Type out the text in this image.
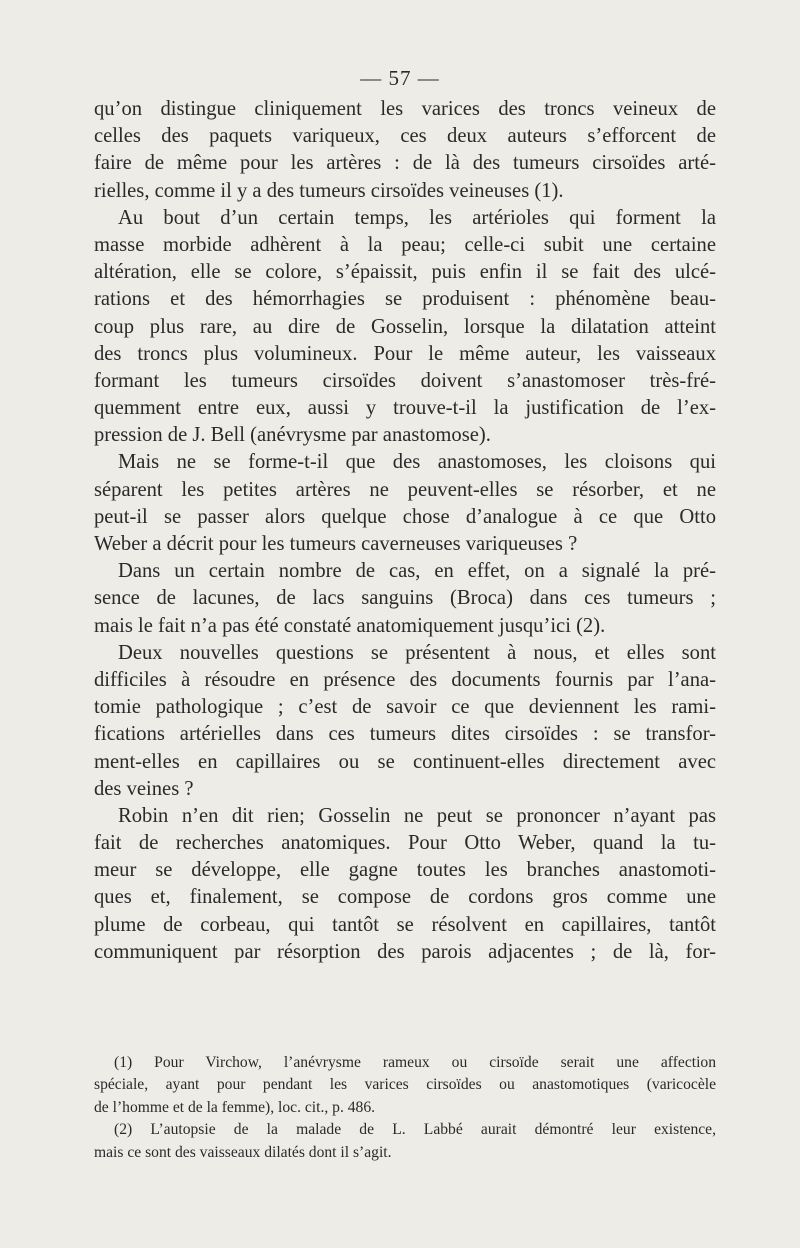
— 57 —
qu’on distingue cliniquement les varices des troncs veineux de
celles des paquets variqueux, ces deux auteurs s’efforcent de
faire de même pour les artères : de là des tumeurs cirsoïdes arté-
rielles, comme il y a des tumeurs cirsoïdes veineuses (1).
Au bout d’un certain temps, les artérioles qui forment la
masse morbide adhèrent à la peau; celle-ci subit une certaine
altération, elle se colore, s’épaissit, puis enfin il se fait des ulcé-
rations et des hémorrhagies se produisent : phénomène beau-
coup plus rare, au dire de Gosselin, lorsque la dilatation atteint
des troncs plus volumineux. Pour le même auteur, les vaisseaux
formant les tumeurs cirsoïdes doivent s’anastomoser très-fré-
quemment entre eux, aussi y trouve-t-il la justification de l’ex-
pression de J. Bell (anévrysme par anastomose).
Mais ne se forme-t-il que des anastomoses, les cloisons qui
séparent les petites artères ne peuvent-elles se résorber, et ne
peut-il se passer alors quelque chose d’analogue à ce que Otto
Weber a décrit pour les tumeurs caverneuses variqueuses ?
Dans un certain nombre de cas, en effet, on a signalé la pré-
sence de lacunes, de lacs sanguins (Broca) dans ces tumeurs ;
mais le fait n’a pas été constaté anatomiquement jusqu’ici (2).
Deux nouvelles questions se présentent à nous, et elles sont
difficiles à résoudre en présence des documents fournis par l’ana-
tomie pathologique ; c’est de savoir ce que deviennent les rami-
fications artérielles dans ces tumeurs dites cirsoïdes : se transfor-
ment-elles en capillaires ou se continuent-elles directement avec
des veines ?
Robin n’en dit rien; Gosselin ne peut se prononcer n’ayant pas
fait de recherches anatomiques. Pour Otto Weber, quand la tu-
meur se développe, elle gagne toutes les branches anastomoti-
ques et, finalement, se compose de cordons gros comme une
plume de corbeau, qui tantôt se résolvent en capillaires, tantôt
communiquent par résorption des parois adjacentes ; de là, for-
(1) Pour Virchow, l’anévrysme rameux ou cirsoïde serait une affection
spéciale, ayant pour pendant les varices cirsoïdes ou anastomotiques (varicocèle
de l’homme et de la femme), loc. cit., p. 486.
(2) L’autopsie de la malade de L. Labbé aurait démontré leur existence,
mais ce sont des vaisseaux dilatés dont il s’agit.
